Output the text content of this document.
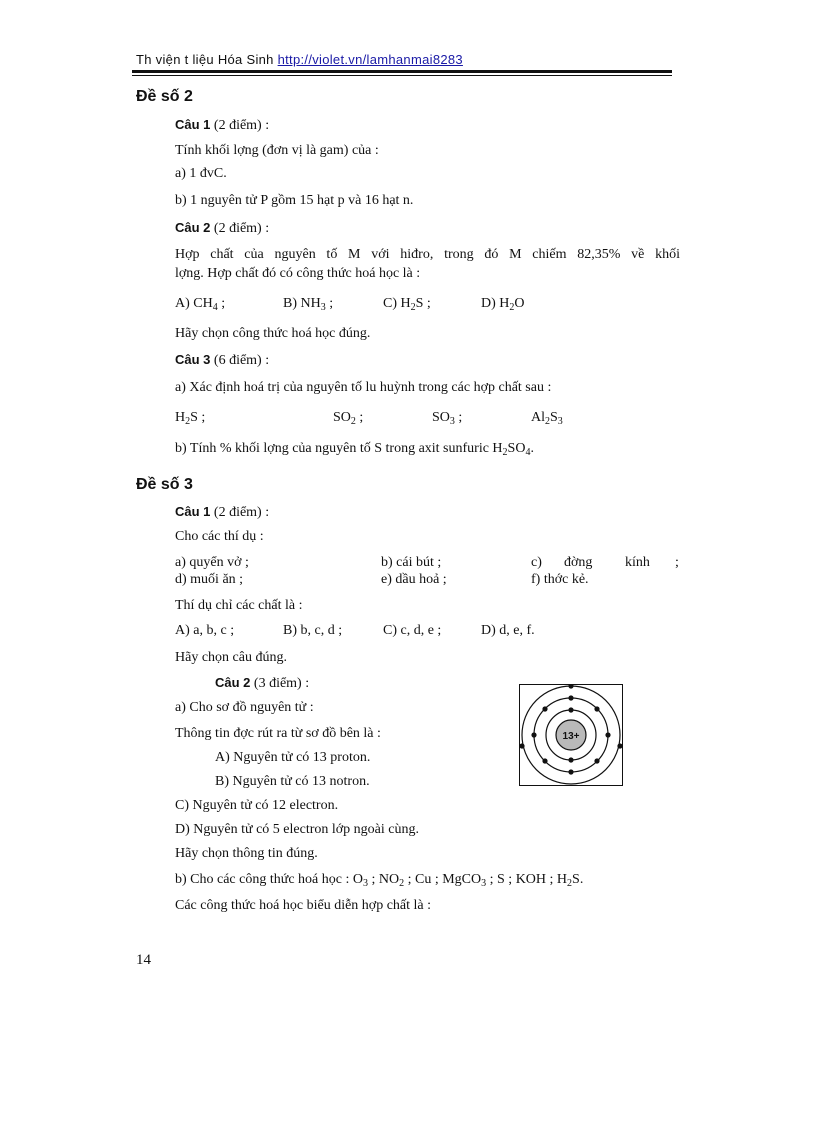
Th viện t liệu Hóa Sinh http://violet.vn/lamhanmai8283
Đề số 2
Câu 1 (2 điểm) :
Tính khối lợng (đơn vị là gam) của :
a) 1 đvC.
b) 1 nguyên tử P gồm 15 hạt p và 16 hạt n.
Câu 2 (2 điểm) :
Hợp chất của nguyên tố M với hiđro, trong đó M chiếm 82,35% về khối
lợng. Hợp chất đó có công thức hoá học là :
A) $CH_4$ ;	B) $NH_3$ ;	C) $H_2S$ ;	D) $H_2O$
Hãy chọn công thức hoá học đúng.
Câu 3 (6 điểm) :
a) Xác định hoá trị của nguyên tố lu huỳnh trong các hợp chất sau :
$H_2S$ ;	$SO_2$ ;	$SO_3$ ;	$Al_2S_3$
b) Tính % khối lợng của nguyên tố S trong axit sunfuric $H_2SO_4$.
Đề số 3
Câu 1 (2 điểm) :
Cho các thí dụ :
a) quyển vở ;	b) cái bút ;	c) đờng kính ;
d) muối ăn ;	e) dầu hoả ;	f) thớc kẻ.
Thí dụ chỉ các chất là :
A) a, b, c ;	B) b, c, d ;	C) c, d, e ;	D) d, e, f.
Hãy chọn câu đúng.
Câu 2 (3 điểm) :
a) Cho sơ đồ nguyên tử :
Thông tin đợc rút ra từ sơ đồ bên là :
A) Nguyên tử có 13 proton.
B) Nguyên tử có 13 notron.
C) Nguyên tử có 12 electron.
D) Nguyên tử có 5 electron lớp ngoài cùng.
Hãy chọn thông tin đúng.
b) Cho các công thức hoá học : $O_3$ ; $NO_2$ ; Cu ; MgCO$_3$ ; S ; KOH ; $H_2S$.
Các công thức hoá học biểu diễn hợp chất là :
13+
14
